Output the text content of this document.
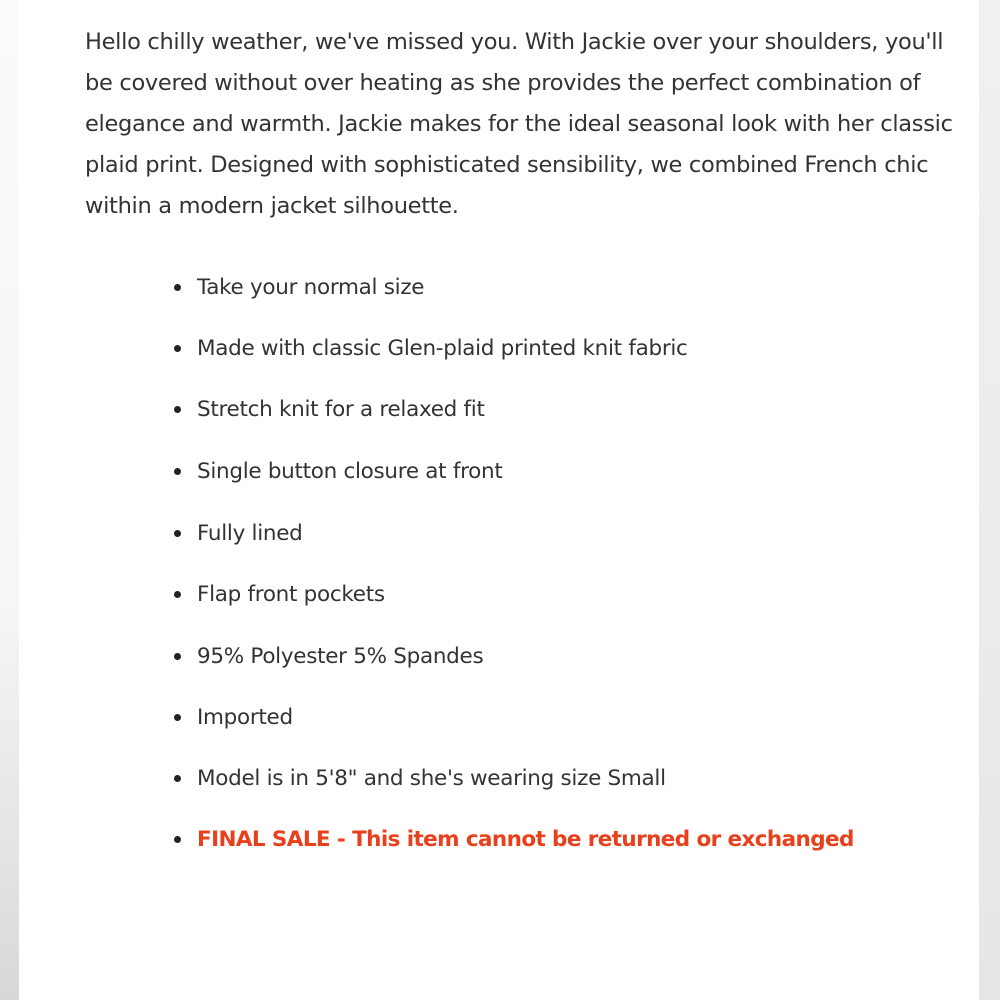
Hello chilly weather, we've missed you. With Jackie over your shoulders, you'll be covered without over heating as she provides the perfect combination of elegance and warmth. Jackie makes for the ideal seasonal look with her classic plaid print. Designed with sophisticated sensibility, we combined French chic within a modern jacket silhouette.

Take your normal size
Made with classic Glen-plaid printed knit fabric
Stretch knit for a relaxed fit
Single button closure at front
Fully lined
Flap front pockets
95% Polyester 5% Spandes
Imported
Model is in 5'8" and she's wearing size Small
FINAL SALE - This item cannot be returned or exchanged
